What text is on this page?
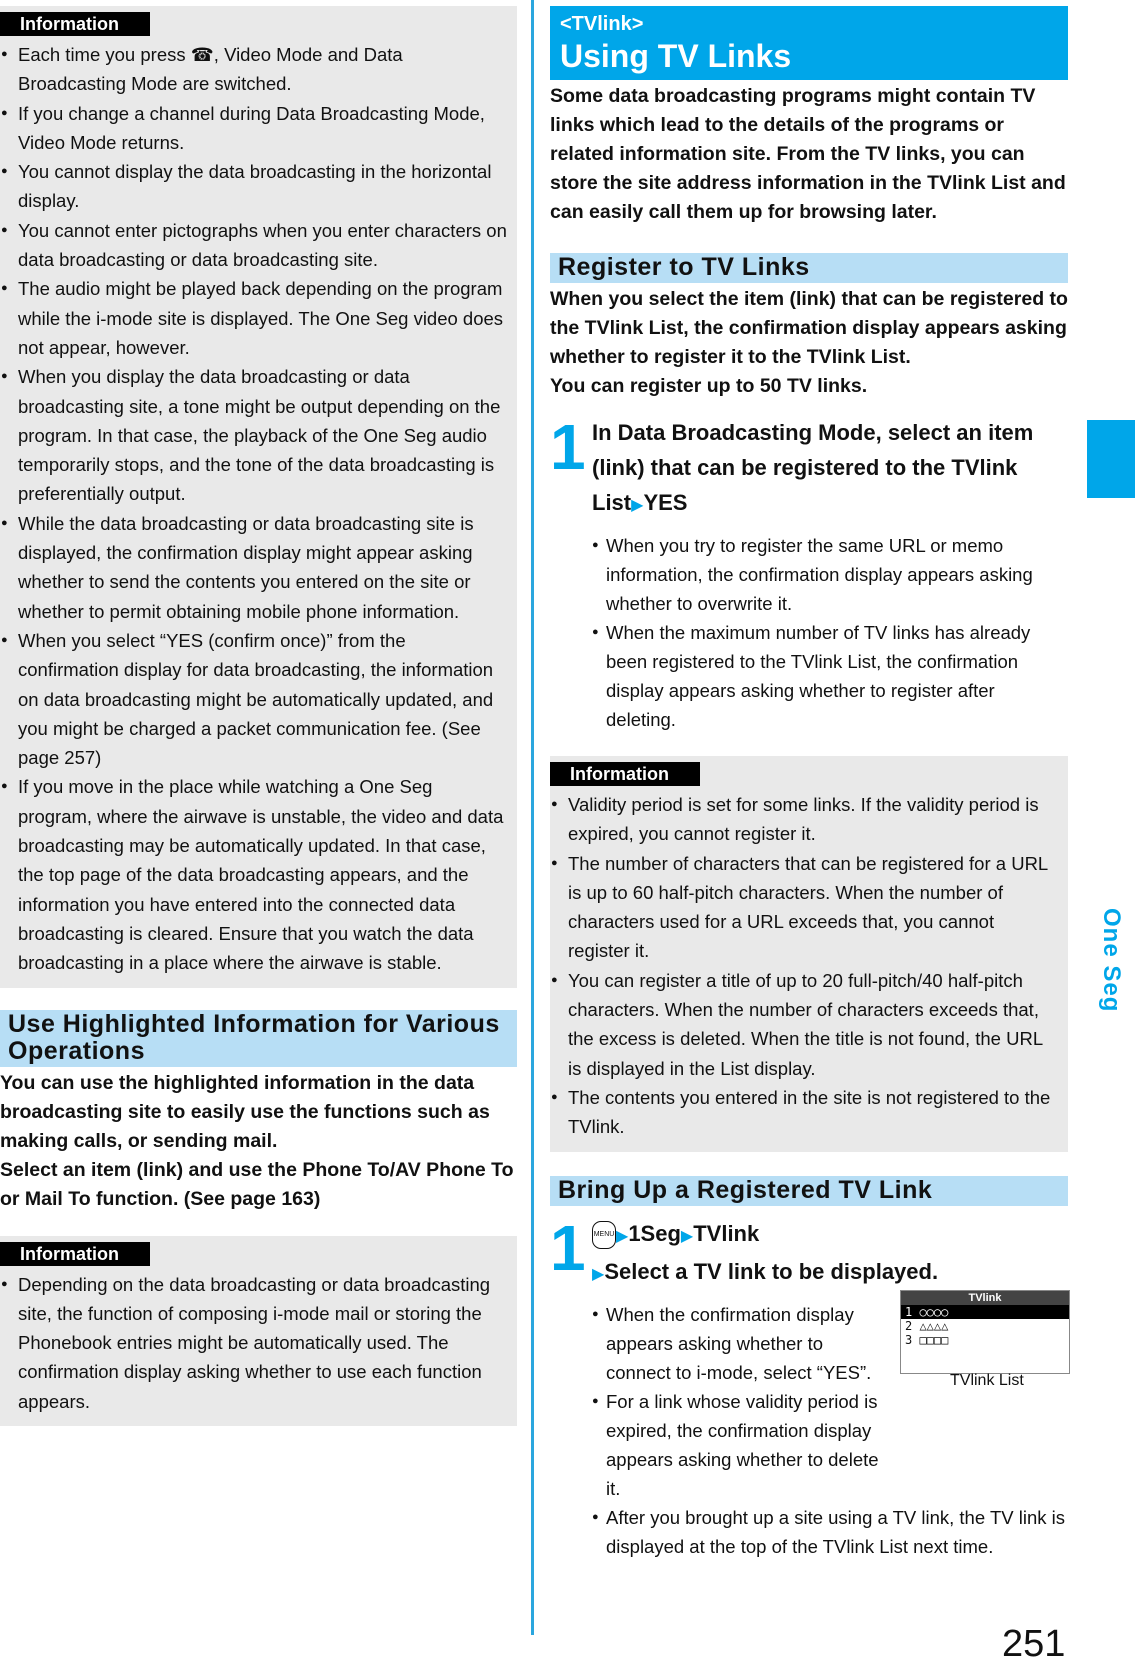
Information
● Each time you press ☎, Video Mode and Data Broadcasting Mode are switched.
● If you change a channel during Data Broadcasting Mode, Video Mode returns.
● You cannot display the data broadcasting in the horizontal display.
● You cannot enter pictographs when you enter characters on data broadcasting or data broadcasting site.
● The audio might be played back depending on the program while the i-mode site is displayed. The One Seg video does not appear, however.
● When you display the data broadcasting or data broadcasting site, a tone might be output depending on the program. In that case, the playback of the One Seg audio temporarily stops, and the tone of the data broadcasting is preferentially output.
● While the data broadcasting or data broadcasting site is displayed, the confirmation display might appear asking whether to send the contents you entered on the site or whether to permit obtaining mobile phone information.
● When you select “YES (confirm once)” from the confirmation display for data broadcasting, the information on data broadcasting might be automatically updated, and you might be charged a packet communication fee. (See page 257)
● If you move in the place while watching a One Seg program, where the airwave is unstable, the video and data broadcasting may be automatically updated. In that case, the top page of the data broadcasting appears, and the information you have entered into the connected data broadcasting is cleared. Ensure that you watch the data broadcasting in a place where the airwave is stable.
Use Highlighted Information for Various Operations
You can use the highlighted information in the data broadcasting site to easily use the functions such as making calls, or sending mail.
Select an item (link) and use the Phone To/AV Phone To or Mail To function. (See page 163)
Information
● Depending on the data broadcasting or data broadcasting site, the function of composing i-mode mail or storing the Phonebook entries might be automatically used. The confirmation display asking whether to use each function appears.
<TVlink>
Using TV Links
Some data broadcasting programs might contain TV links which lead to the details of the programs or related information site. From the TV links, you can store the site address information in the TVlink List and can easily call them up for browsing later.
Register to TV Links
When you select the item (link) that can be registered to the TVlink List, the confirmation display appears asking whether to register it to the TVlink List.
You can register up to 50 TV links.
1 In Data Broadcasting Mode, select an item (link) that can be registered to the TVlink List▶YES
● When you try to register the same URL or memo information, the confirmation display appears asking whether to overwrite it.
● When the maximum number of TV links has already been registered to the TVlink List, the confirmation display appears asking whether to register after deleting.
Information
● Validity period is set for some links. If the validity period is expired, you cannot register it.
● The number of characters that can be registered for a URL is up to 60 half-pitch characters. When the number of characters used for a URL exceeds that, you cannot register it.
● You can register a title of up to 20 full-pitch/40 half-pitch characters. When the number of characters exceeds that, the excess is deleted. When the title is not found, the URL is displayed in the List display.
● The contents you entered in the site is not registered to the TVlink.
Bring Up a Registered TV Link
1 MENU ▶1Seg▶TVlink
▶Select a TV link to be displayed.
● When the confirmation display appears asking whether to connect to i-mode, select “YES”.
● For a link whose validity period is expired, the confirmation display appears asking whether to delete it.
● After you brought up a site using a TV link, the TV link is displayed at the top of the TVlink List next time.
TVlink
1 ○○○○
2 △△△△
3 □□□□
TVlink List
One Seg
251
